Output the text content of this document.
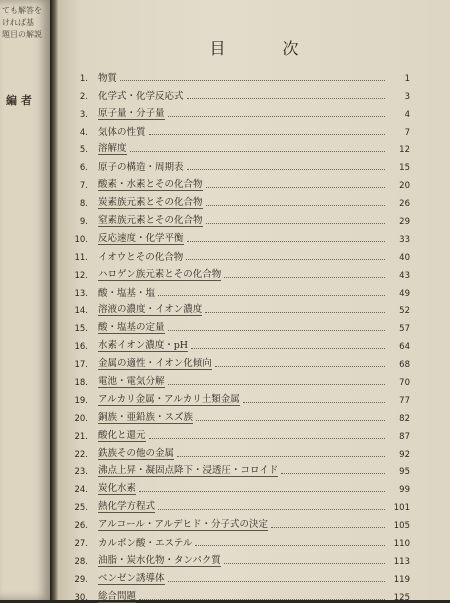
ても解答を
ければ基
題目の解説
編 者
目 次
1. 物質	1
2. 化学式・化学反応式	3
3. 原子量・分子量	4
4. 気体の性質	7
5. 溶解度	12
6. 原子の構造・周期表	15
7. 酸素・水素とその化合物	20
8. 炭素族元素とその化合物	26
9. 窒素族元素とその化合物	29
10. 反応速度・化学平衡	33
11. イオウとその化合物	40
12. ハロゲン族元素とその化合物	43
13. 酸・塩基・塩	49
14. 溶液の濃度・イオン濃度	52
15. 酸・塩基の定量	57
16. 水素イオン濃度・pH	64
17. 金属の適性・イオン化傾向	68
18. 電池・電気分解	70
19. アルカリ金属・アルカリ土類金属	77
20. 銅族・亜鉛族・スズ族	82
21. 酸化と還元	87
22. 鉄族その他の金属	92
23. 沸点上昇・凝固点降下・浸透圧・コロイド	95
24. 炭化水素	99
25. 熱化学方程式	101
26. アルコール・アルデヒド・分子式の決定	105
27. カルボン酸・エステル	110
28. 油脂・炭水化物・タンパク質	113
29. ベンゼン誘導体	119
30. 総合問題	125
